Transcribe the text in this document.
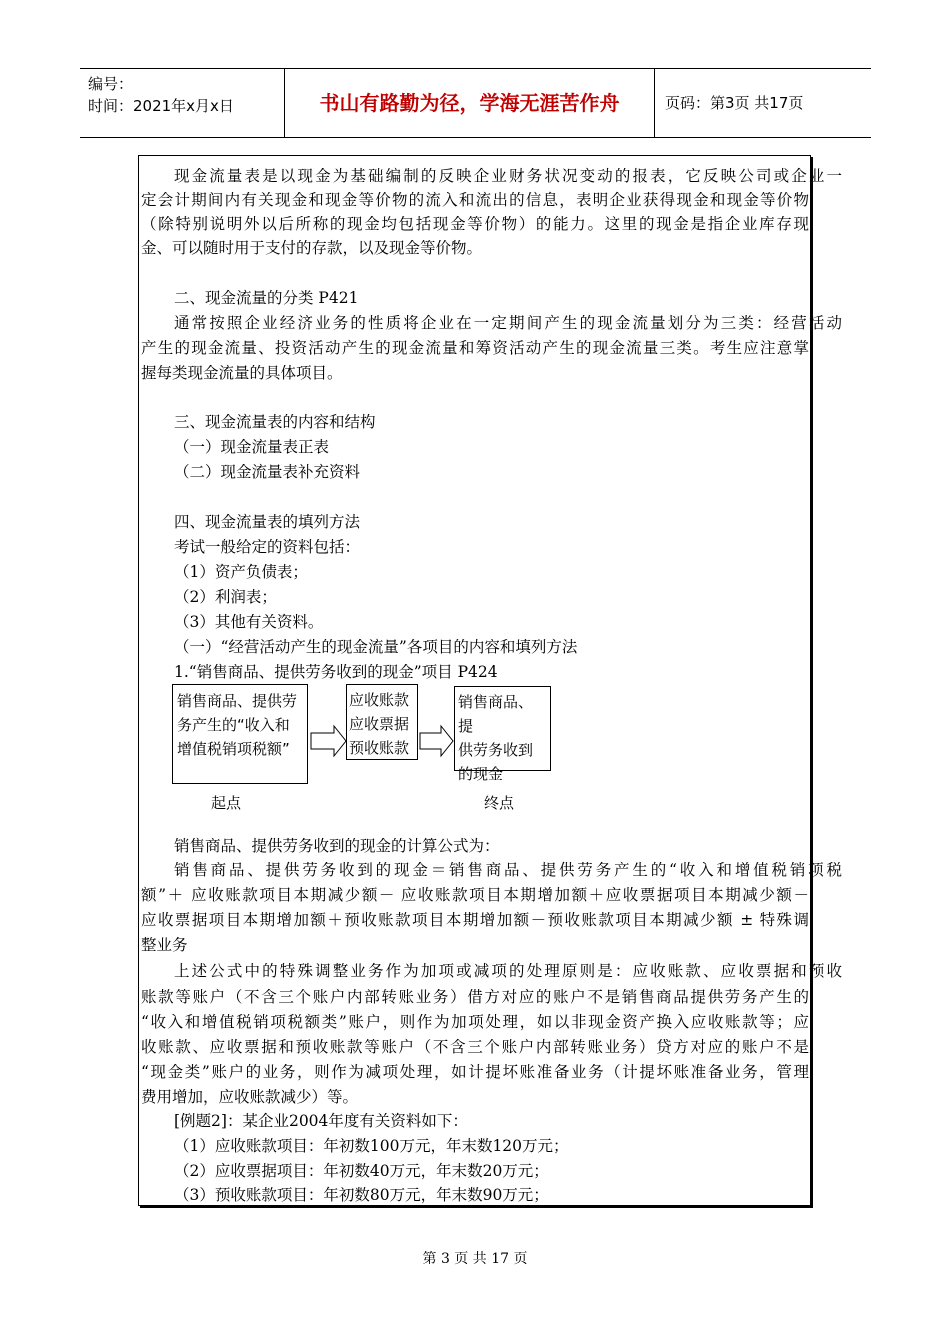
编号：
时间：2021年x月x日	书山有路勤为径，学海无涯苦作舟	页码：第3页 共17页
现金流量表是以现金为基础编制的反映企业财务状况变动的报表，它反映公司或企业一
定会计期间内有关现金和现金等价物的流入和流出的信息，表明企业获得现金和现金等价物
（除特别说明外以后所称的现金均包括现金等价物）的能力。这里的现金是指企业库存现
金、可以随时用于支付的存款，以及现金等价物。
二、现金流量的分类 P421
通常按照企业经济业务的性质将企业在一定期间产生的现金流量划分为三类：经营活动
产生的现金流量、投资活动产生的现金流量和筹资活动产生的现金流量三类。考生应注意掌
握每类现金流量的具体项目。
三、现金流量表的内容和结构
（一）现金流量表正表
（二）现金流量表补充资料
四、现金流量表的填列方法
考试一般给定的资料包括：
（1）资产负债表；
（2）利润表；
（3）其他有关资料。
（一）“经营活动产生的现金流量”各项目的内容和填列方法
1.“销售商品、提供劳务收到的现金”项目 P424
销售商品、提供劳
务产生的“收入和
增值税销项税额”
应收账款
应收票据
预收账款
销售商品、提
供劳务收到
的现金
起点	终点
销售商品、提供劳务收到的现金的计算公式为：
销售商品、提供劳务收到的现金＝销售商品、提供劳务产生的“收入和增值税销项税
额”＋ 应收账款项目本期减少额－ 应收账款项目本期增加额＋应收票据项目本期减少额－
应收票据项目本期增加额＋预收账款项目本期增加额－预收账款项目本期减少额 ± 特殊调
整业务
上述公式中的特殊调整业务作为加项或减项的处理原则是：应收账款、应收票据和预收
账款等账户（不含三个账户内部转账业务）借方对应的账户不是销售商品提供劳务产生的
“收入和增值税销项税额类”账户，则作为加项处理，如以非现金资产换入应收账款等；应
收账款、应收票据和预收账款等账户（不含三个账户内部转账业务）贷方对应的账户不是
“现金类”账户的业务，则作为减项处理，如计提坏账准备业务（计提坏账准备业务，管理
费用增加，应收账款减少）等。
[例题2]：某企业2004年度有关资料如下：
（1）应收账款项目：年初数100万元，年末数120万元；
（2）应收票据项目：年初数40万元，年末数20万元；
（3）预收账款项目：年初数80万元，年末数90万元；
第 3 页 共 17 页
